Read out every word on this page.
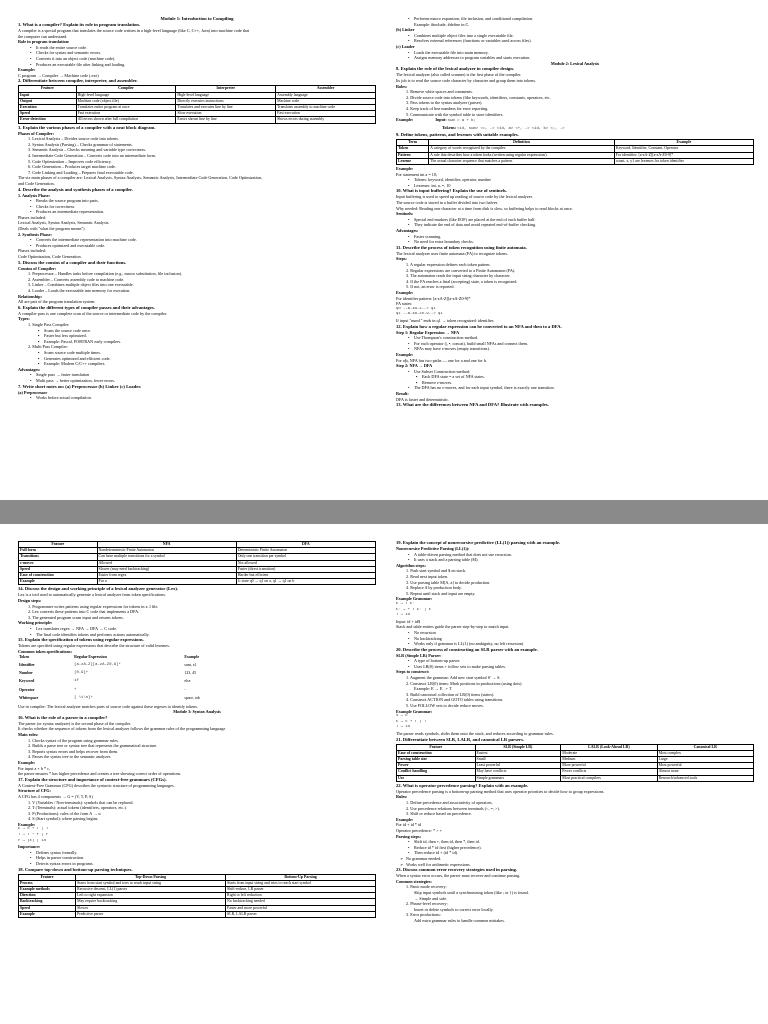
Module 1: Introduction to Compiling
1. What is a compiler? Explain its role in program translation.
A compiler is a special program that translates the source code written in a high-level language (like C, C++, Java) into machine code that
the computer can understand.
Role in program translation:
• It reads the entire source code.
• Checks for syntax and semantic errors.
• Converts it into an object code (machine code).
• Produces an executable file after linking and loading.
Example:
C program → Compiler → Machine code (.exe)
2. Differentiate between compiler, interpreter, and assembler.
Feature	Compiler	Interpreter	Assembler
Input	High-level language	High-level language	Assembly language
Output	Machine code (object file)	Directly executes instructions	Machine code
Execution	Translates entire program at once	Translates and executes line by line	Translates assembly to machine code
Speed	Fast execution	Slow execution	Fast execution
Error detection	All errors shown after full compilation	Errors shown line by line	Shows errors during assembly
3. Explain the various phases of a compiler with a neat block diagram.
Phases of Compiler:
1. Lexical Analysis – Divides source code into tokens.
2. Syntax Analysis (Parsing) – Checks grammar of statements.
3. Semantic Analysis – Checks meaning and variable type correctness.
4. Intermediate Code Generation – Converts code into an intermediate form.
5. Code Optimization – Improves code efficiency.
6. Code Generation – Produces target machine code.
7. Code Linking and Loading – Prepares final executable code.
The six main phases of a compiler are: Lexical Analysis, Syntax Analysis, Semantic Analysis, Intermediate Code Generation, Code Optimization,
and Code Generation.
4. Describe the analysis and synthesis phases of a compiler.
1. Analysis Phase:
• Breaks the source program into parts.
• Checks for correctness.
• Produces an intermediate representation.
Phases included:
Lexical Analysis, Syntax Analysis, Semantic Analysis.
(Deals with "what the program means")
2. Synthesis Phase:
• Converts the intermediate representation into machine code.
• Produces optimized and executable code.
Phases included:
Code Optimization, Code Generation.
5. Discuss the cousins of a compiler and their functions.
Cousins of Compiler:
1. Preprocessor – Handles tasks before compilation (e.g., macro substitution, file inclusion).
2. Assembler – Converts assembly code to machine code.
3. Linker – Combines multiple object files into one executable.
4. Loader – Loads the executable into memory for execution.
Relationship:
All are part of the program translation system.
6. Explain the different types of compiler passes and their advantages.
A compiler pass is one complete scan of the source or intermediate code by the compiler.
Types:
1. Single Pass Compiler:
▪ Scans the source code once.
▪ Faster but less optimized.
▪ Example: Pascal, FORTRAN early compilers.
2. Multi Pass Compiler:
▪ Scans source code multiple times.
▪ Generates optimized and efficient code.
▪ Example: Modern C/C++ compilers.
Advantages:
• Single pass → faster translation
• Multi pass → better optimization, fewer errors.
7. Write short notes on: (a) Preprocessor (b) Linker (c) Loader.
(a) Preprocessor
• Works before actual compilation.
• Performs macro expansion, file inclusion, and conditional compilation.
Example: #include, #define in C.
(b) Linker
• Combines multiple object files into a single executable file.
• Resolves external references (functions or variables used across files).
(c) Loader
• Loads the executable file into main memory.
• Assigns memory addresses to program variables and starts execution.
Module 2: Lexical Analysis
8. Explain the role of the lexical analyzer in compiler design.
The lexical analyzer (also called scanner) is the first phase of the compiler.
Its job is to read the source code character by character and group them into tokens.
Roles:
1. Remove white spaces and comments.
2. Divide source code into tokens (like keywords, identifiers, constants, operators, etc.
3. Pass tokens to the syntax analyzer (parser).
4. Keep track of line numbers for error reporting.
5. Communicate with the symbol table to store identifiers.
Example:	Input: sum = a + b;
Tokens: <id, sum> <=, -> <id, a> <+, -> <id, b> <;, ->
9. Define tokens, patterns, and lexemes with suitable examples.
Term	Definition	Example
Token	A category of words recognized by the compiler.	Keyword, Identifier, Constant, Operator
Pattern	A rule that describes how a token looks (written using regular expressions).	For identifier: [a-zA-Z][a-zA-Z0-9]*
Lexeme	The actual character sequence that matches a pattern.	count, x, y1 are lexemes for token identifier
Example:
For statement int a = 10;
• Tokens: keyword, identifier, operator, number
• Lexemes: int, a, =, 10
10. What is input buffering? Explain the use of sentinels.
Input buffering is used to speed up reading of source code by the lexical analyzer.
The source code is stored in a buffer divided into two halves.
Why needed: Reading one character at a time from disk is slow, so buffering helps to read blocks at once.
Sentinels:
• Special end markers (like EOF) are placed at the end of each buffer half.
• They indicate the end of data and avoid repeated end-of-buffer checking.
Advantages:
• Faster scanning.
• No need for extra boundary checks.
11. Describe the process of token recognition using finite automata.
The lexical analyzer uses finite automata (FA) to recognize tokens.
Steps:
1. A regular expression defines each token pattern.
2. Regular expressions are converted to a Finite Automaton (FA).
3. The automaton reads the input string character by character.
4. If the FA reaches a final (accepting) state, a token is recognized.
5. If not, an error is reported.
Example:
For identifier pattern: [a-zA-Z][a-zA-Z0-9]*
FA states:
q0 --a-zA-Z--> q1
q1 --a-zA-Z0-9--> q1
If input "num1" ends in q1 → token recognized: identifier.
12. Explain how a regular expression can be converted to an NFA and then to a DFA.
Step 1: Regular Expression → NFA
• Use Thompson's construction method.
• For each operator (|, •, concat), build small NFAs and connect them.
• NFAs may have ε-moves (empty transitions).
Example:
For a|b, NFA has two paths — one for a and one for b.
Step 2: NFA → DFA
• Use Subset Construction method:
▪ Each DFA state = a set of NFA states.
▪ Remove ε-moves.
• The DFA has no ε-moves, and for each input symbol, there is exactly one transition.
Result:
DFA is faster and deterministic.
13. What are the differences between NFA and DFA? Illustrate with examples.
Feature	NFA	DFA
Full form	Nondeterministic Finite Automaton	Deterministic Finite Automaton
Transitions	Can have multiple transitions for a symbol	Only one transition per symbol
ε-moves	Allowed	Not allowed
Speed	Slower (may need backtracking)	Faster (direct transition)
Ease of construction	Easier from regex	Harder but efficient
Example	For a	δ: state q0 → q1 on a, q1 → q1 on b
14. Discuss the design and working principle of a lexical analyzer generator (Lex).
Lex is a tool used to automatically generate a lexical analyzer from token specifications.
Design steps:
1. Programmer writes patterns using regular expressions for tokens in a .l file.
2. Lex converts these patterns into C code that implements a DFA.
3. The generated program scans input and returns tokens.
Working principle:
• Lex translates regex → NFA → DFA → C code.
• The final code identifies tokens and performs actions automatically.
15. Explain the specification of tokens using regular expressions.
Tokens are specified using regular expressions that describe the structure of valid lexemes.
Common token specifications:
Token	Regular Expression	Example
Identifier	[a-zA-Z][a-zA-Z0-9]*	sum, x1
Number	[0-9]+	123, 45
Keyword	if	else
Operator	+	-
Whitespace	[ \t\n]+	space, tab
Use in compiler: The lexical analyzer matches parts of source code against these regexes to identify tokens.
Module 3: Syntax Analysis
16. What is the role of a parser in a compiler?
The parser (or syntax analyzer) is the second phase of the compiler.
It checks whether the sequence of tokens from the lexical analyzer follows the grammar rules of the programming language.
Main roles:
1. Checks syntax of the program using grammar rules.
2. Builds a parse tree or syntax tree that represents the grammatical structure.
3. Reports syntax errors and helps recover from them.
4. Passes the syntax tree to the semantic analyzer.
Example:
For input a + b * c,
the parser ensures * has higher precedence and creates a tree showing correct order of operations.
17. Explain the structure and importance of context-free grammars (CFGs).
A Context-Free Grammar (CFG) describes the syntactic structure of programming languages.
Structure of CFG:
A CFG has 4 components → G = (V, T, P, S)
1. V (Variables / Non-terminals): symbols that can be replaced.
2. T (Terminals): actual tokens (identifiers, operators, etc.).
3. P (Productions): rules of the form A → α
4. S (Start symbol): where parsing begins.
Example:
E → E + T | T
T → T * F | F
F → (E) | id
Importance:
• Defines syntax formally.
• Helps in parser construction.
• Detects syntax errors in programs.
18. Compare top-down and bottom-up parsing techniques.
Feature	Top-Down Parsing	Bottom-Up Parsing
Process	Starts from start symbol and tries to reach input string	Starts from input string and tries to reach start symbol
Example methods	Recursive descent, LL(1) parser	Shift-reduce, LR parser
Direction	Left to right expansion	Right to left reduction
Backtracking	May require backtracking	No backtracking needed
Speed	Slower	Faster and more powerful
Example	Predictive parser	SLR, LALR parser
19. Explain the concept of nonrecursive predictive (LL(1)) parsing with an example.
Nonrecursive Predictive Parsing (LL(1)):
• A table-driven parsing method that does not use recursion.
• It uses a stack and a parsing table (M).
Algorithm steps:
1. Push start symbol and $ on stack.
2. Read next input token.
3. Use parsing table M[A, a] to decide production.
4. Replace A by production body.
5. Repeat until stack and input are empty.
Example Grammar:
E → T E'
E' → + T E' | ε
T → id
Input: id + id$
Stack and table entries guide the parser step-by-step to match input.
• No recursion
• No backtracking
• Works only if grammar is LL(1) (no ambiguity, no left recursion)
20. Describe the process of constructing an SLR parser with an example.
SLR (Simple LR) Parser:
• A type of bottom-up parser.
• Uses LR(0) items + follow sets to make parsing tables.
Steps to construct:
1. Augment the grammar: Add new start symbol S' → S.
2. Construct LR(0) items: Mark positions in productions (using dots).
Example: E → E . + T
3. Build canonical collection of LR(0) items (states).
4. Construct ACTION and GOTO tables using transitions.
5. Use FOLLOW sets to decide reduce moves.
Example Grammar:
S → E
E → E + T | T
T → id
The parser reads symbols, shifts them onto the stack, and reduces according to grammar rules.
21. Differentiate between SLR, LALR, and canonical LR parsers.
Feature	SLR (Simple LR)	LALR (Look-Ahead LR)	Canonical LR
Ease of construction	Easiest	Moderate	Most complex
Parsing table size	Small	Medium	Large
Power	Least powerful	More powerful	Most powerful
Conflict handling	May have conflicts	Fewer conflicts	Almost none
Use	Simple grammars	Most practical compilers	Research/advanced tools
22. What is operator precedence parsing? Explain with an example.
Operator precedence parsing is a bottom-up parsing method that uses operator priorities to decide how to group expressions.
Rules:
1. Define precedence and associativity of operators.
2. Use precedence relations between terminals (<, =, >).
3. Shift or reduce based on precedence.
Example:
For id + id * id
Operator precedence: * > +
Parsing steps:
• Shift id, then +, then id, then *, then id.
• Reduce id * id first (higher precedence).
• Then reduce id + (id * id).
➢ No grammar needed.
➢ Works well for arithmetic expressions.
23. Discuss common error recovery strategies used in parsing.
When a syntax error occurs, the parser must recover and continue parsing.
Common strategies:
1. Panic mode recovery:
Skip input symbols until a synchronizing token (like ; or }) is found.
→ Simple and safe.
2. Phrase-level recovery:
Insert or delete symbols to correct error locally.
3. Error productions:
Add extra grammar rules to handle common mistakes.
